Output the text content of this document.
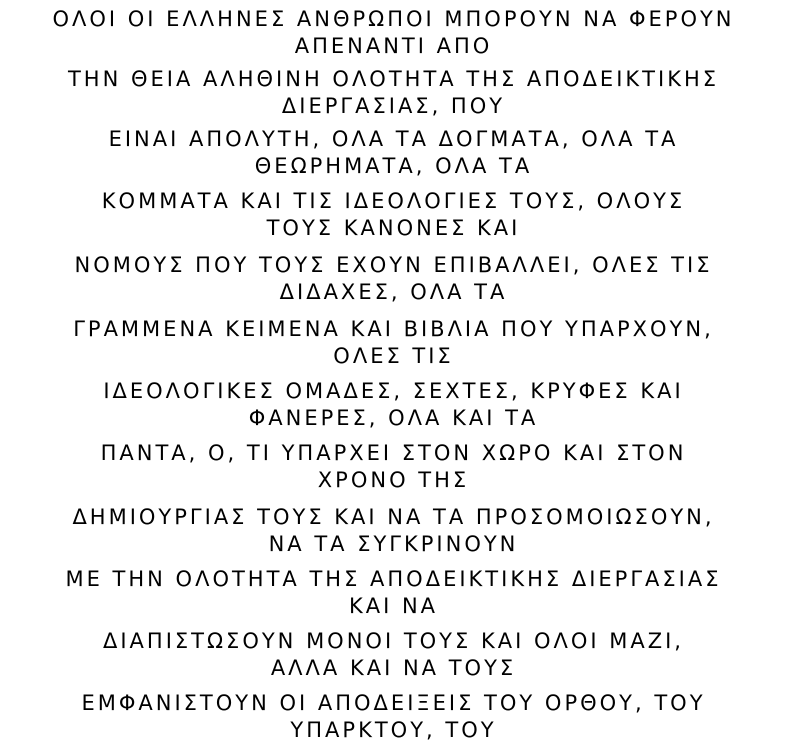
ΟΛΟΙ ΟΙ ΕΛΛΗΝΕΣ ΑΝΘΡΩΠΟΙ ΜΠΟΡΟΥΝ ΝΑ ΦΕΡΟΥΝ
ΑΠΕΝΑΝΤΙ ΑΠΟ
ΤΗΝ ΘΕΙΑ ΑΛΗΘΙΝΗ ΟΛΟΤΗΤΑ ΤΗΣ ΑΠΟΔΕΙΚΤΙΚΗΣ
ΔΙΕΡΓΑΣΙΑΣ, ΠΟΥ
ΕΙΝΑΙ ΑΠΟΛΥΤΗ, ΟΛΑ ΤΑ ΔΟΓΜΑΤΑ, ΟΛΑ ΤΑ
ΘΕΩΡΗΜΑΤΑ, ΟΛΑ ΤΑ
ΚΟΜΜΑΤΑ ΚΑΙ ΤΙΣ ΙΔΕΟΛΟΓΙΕΣ ΤΟΥΣ, ΟΛΟΥΣ
ΤΟΥΣ ΚΑΝΟΝΕΣ ΚΑΙ
ΝΟΜΟΥΣ ΠΟΥ ΤΟΥΣ ΕΧΟΥΝ ΕΠΙΒΑΛΛΕΙ, ΟΛΕΣ ΤΙΣ
ΔΙΔΑΧΕΣ, ΟΛΑ ΤΑ
ΓΡΑΜΜΕΝΑ ΚΕΙΜΕΝΑ ΚΑΙ ΒΙΒΛΙΑ ΠΟΥ ΥΠΑΡΧΟΥΝ,
ΟΛΕΣ ΤΙΣ
ΙΔΕΟΛΟΓΙΚΕΣ ΟΜΑΔΕΣ, ΣΕΧΤΕΣ, ΚΡΥΦΕΣ ΚΑΙ
ΦΑΝΕΡΕΣ, ΟΛΑ ΚΑΙ ΤΑ
ΠΑΝΤΑ, Ο, ΤΙ ΥΠΑΡΧΕΙ ΣΤΟΝ ΧΩΡΟ ΚΑΙ ΣΤΟΝ
ΧΡΟΝΟ ΤΗΣ
ΔΗΜΙΟΥΡΓΙΑΣ ΤΟΥΣ ΚΑΙ ΝΑ ΤΑ ΠΡΟΣΟΜΟΙΩΣΟΥΝ,
ΝΑ ΤΑ ΣΥΓΚΡΙΝΟΥΝ
ΜΕ ΤΗΝ ΟΛΟΤΗΤΑ ΤΗΣ ΑΠΟΔΕΙΚΤΙΚΗΣ ΔΙΕΡΓΑΣΙΑΣ
ΚΑΙ ΝΑ
ΔΙΑΠΙΣΤΩΣΟΥΝ ΜΟΝΟΙ ΤΟΥΣ ΚΑΙ ΟΛΟΙ ΜΑΖΙ,
ΑΛΛΑ ΚΑΙ ΝΑ ΤΟΥΣ
ΕΜΦΑΝΙΣΤΟΥΝ ΟΙ ΑΠΟΔΕΙΞΕΙΣ ΤΟΥ ΟΡΘΟΥ, ΤΟΥ
ΥΠΑΡΚΤΟΥ, ΤΟΥ
